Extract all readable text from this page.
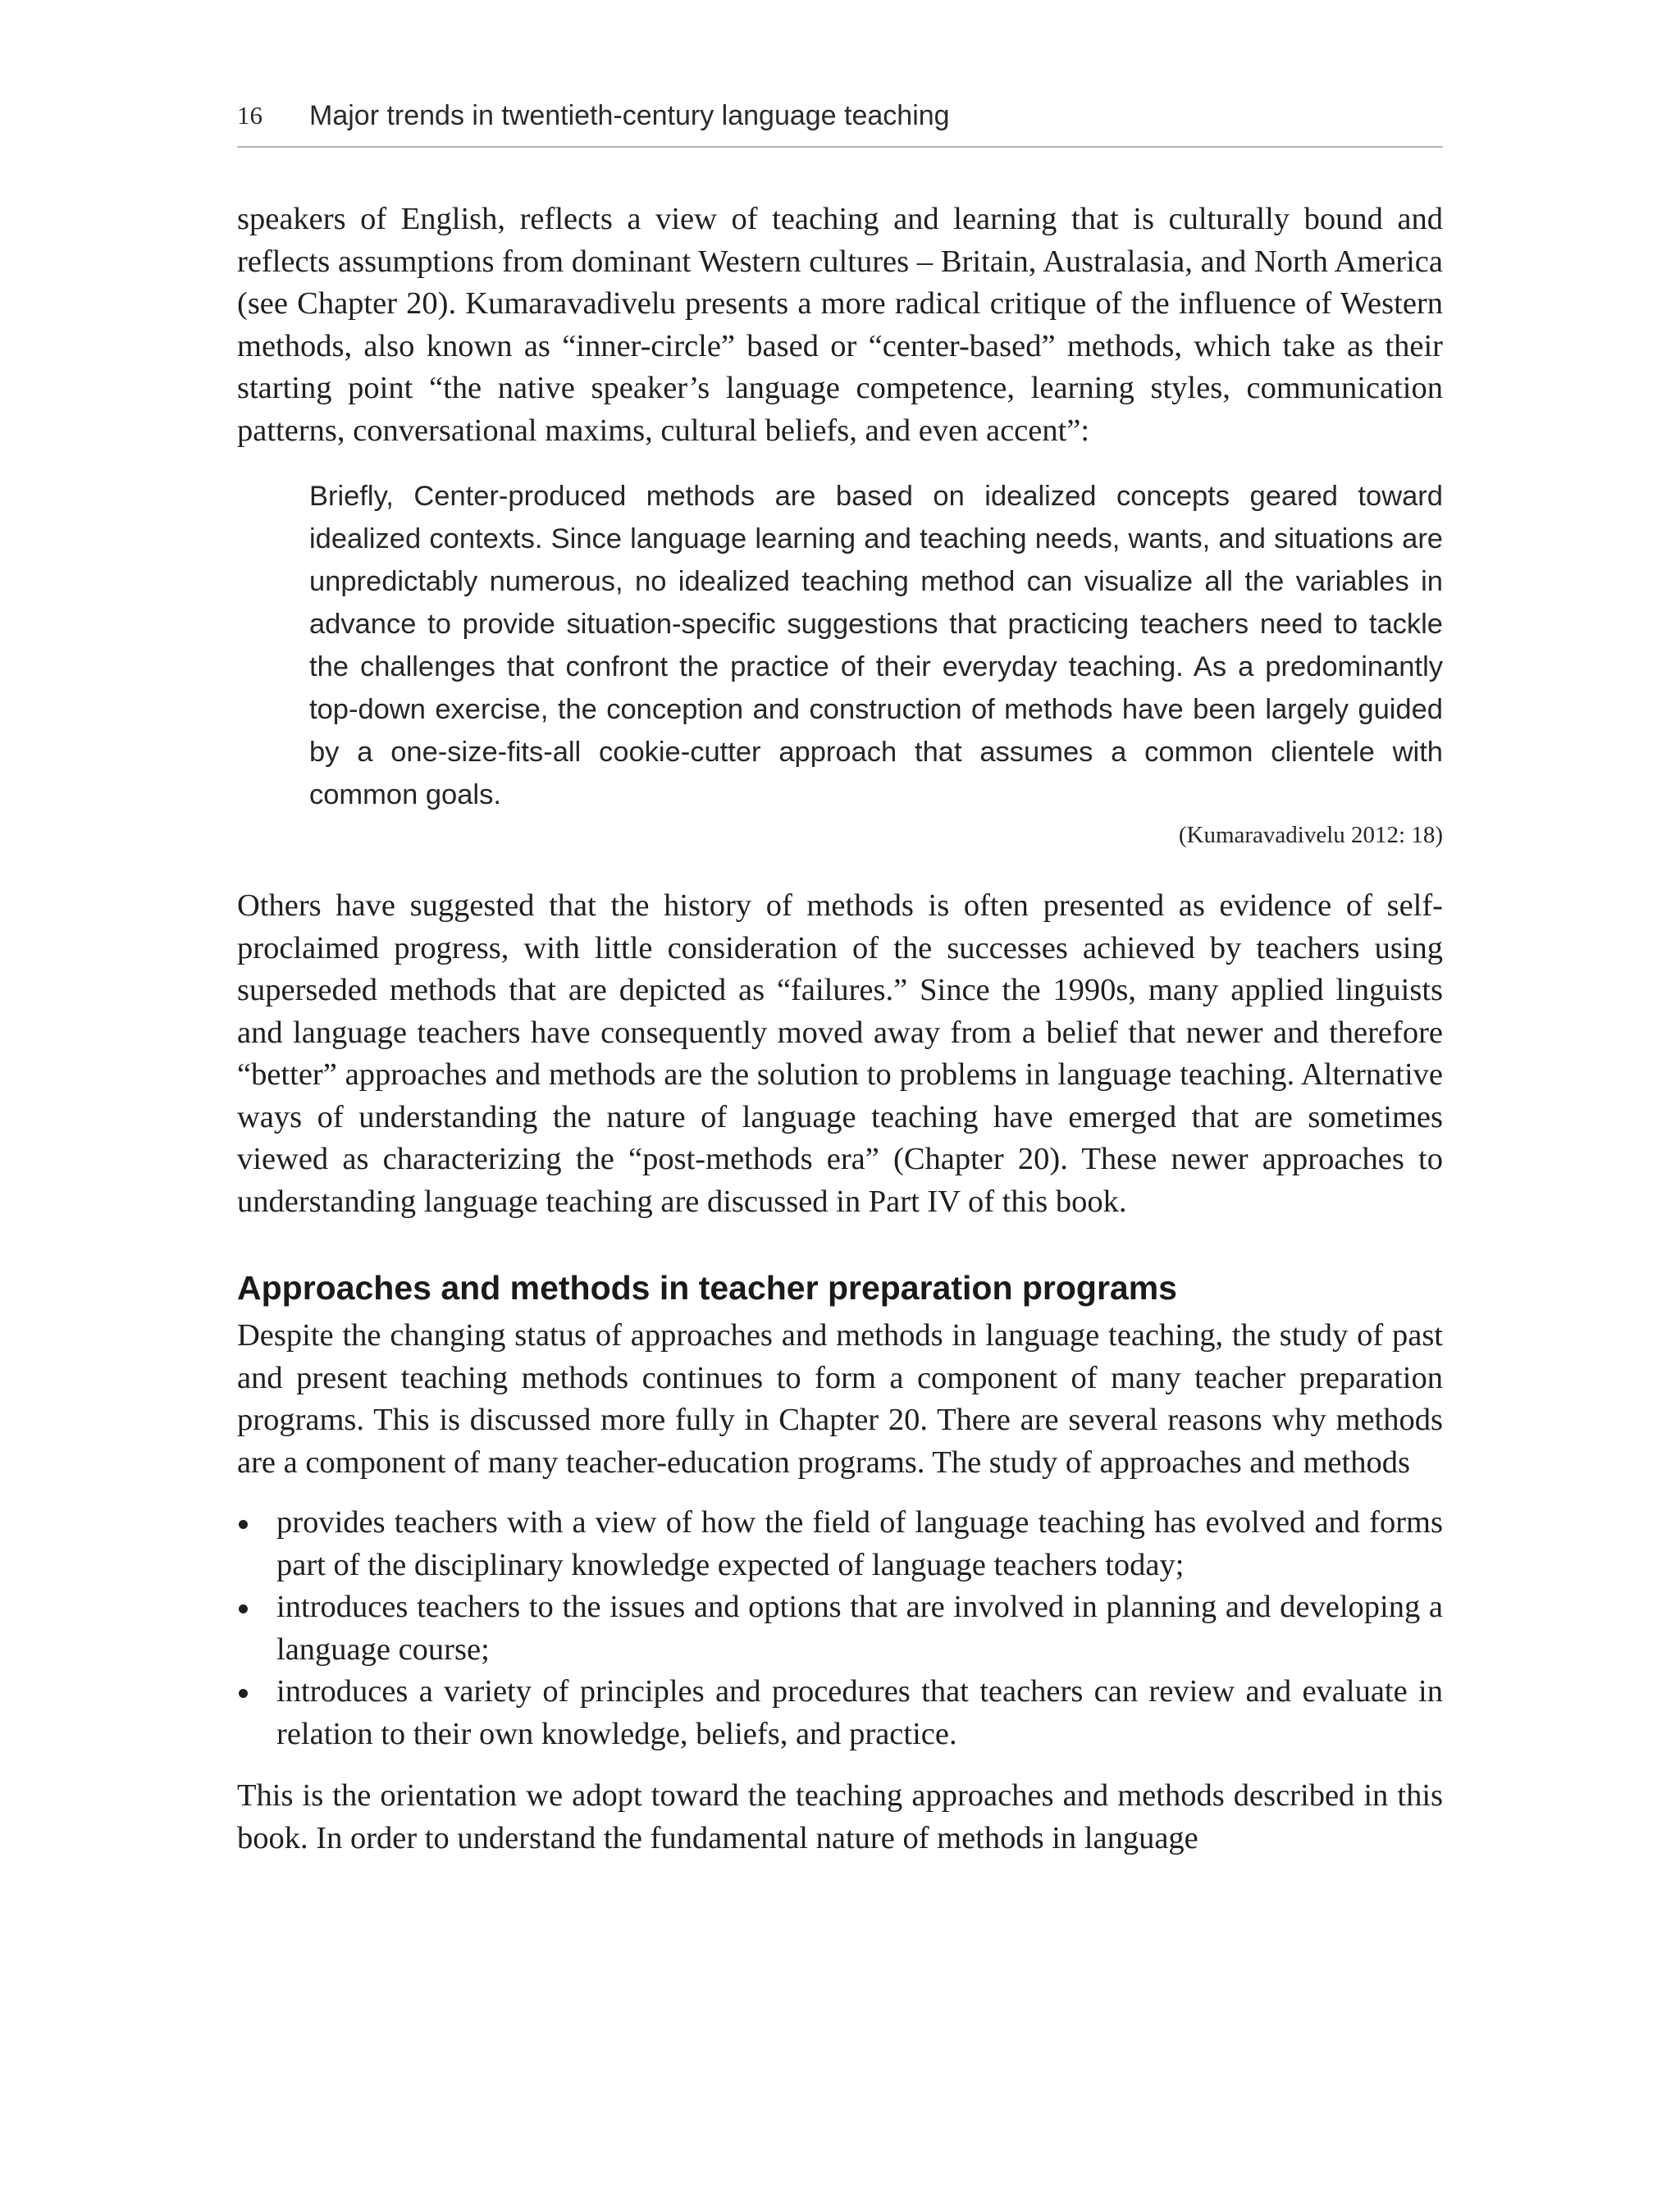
16	Major trends in twentieth-century language teaching

speakers of English, reflects a view of teaching and learning that is culturally bound and reflects assumptions from dominant Western cultures – Britain, Australasia, and North America (see Chapter 20). Kumaravadivelu presents a more radical critique of the influence of Western methods, also known as “inner-circle” based or “center-based” methods, which take as their starting point “the native speaker’s language competence, learning styles, communication patterns, conversational maxims, cultural beliefs, and even accent”:

Briefly, Center-produced methods are based on idealized concepts geared toward idealized contexts. Since language learning and teaching needs, wants, and situations are unpredictably numerous, no idealized teaching method can visualize all the variables in advance to provide situation-specific suggestions that practicing teachers need to tackle the challenges that confront the practice of their everyday teaching. As a predominantly top-down exercise, the conception and construction of methods have been largely guided by a one-size-fits-all cookie-cutter approach that assumes a common clientele with common goals.
(Kumaravadivelu 2012: 18)

Others have suggested that the history of methods is often presented as evidence of self-proclaimed progress, with little consideration of the successes achieved by teachers using superseded methods that are depicted as “failures.” Since the 1990s, many applied linguists and language teachers have consequently moved away from a belief that newer and therefore “better” approaches and methods are the solution to problems in language teaching. Alternative ways of understanding the nature of language teaching have emerged that are sometimes viewed as characterizing the “post-methods era” (Chapter 20). These newer approaches to understanding language teaching are discussed in Part IV of this book.

Approaches and methods in teacher preparation programs

Despite the changing status of approaches and methods in language teaching, the study of past and present teaching methods continues to form a component of many teacher preparation programs. This is discussed more fully in Chapter 20. There are several reasons why methods are a component of many teacher-education programs. The study of approaches and methods

provides teachers with a view of how the field of language teaching has evolved and forms part of the disciplinary knowledge expected of language teachers today;
introduces teachers to the issues and options that are involved in planning and developing a language course;
introduces a variety of principles and procedures that teachers can review and evaluate in relation to their own knowledge, beliefs, and practice.

This is the orientation we adopt toward the teaching approaches and methods described in this book. In order to understand the fundamental nature of methods in language
